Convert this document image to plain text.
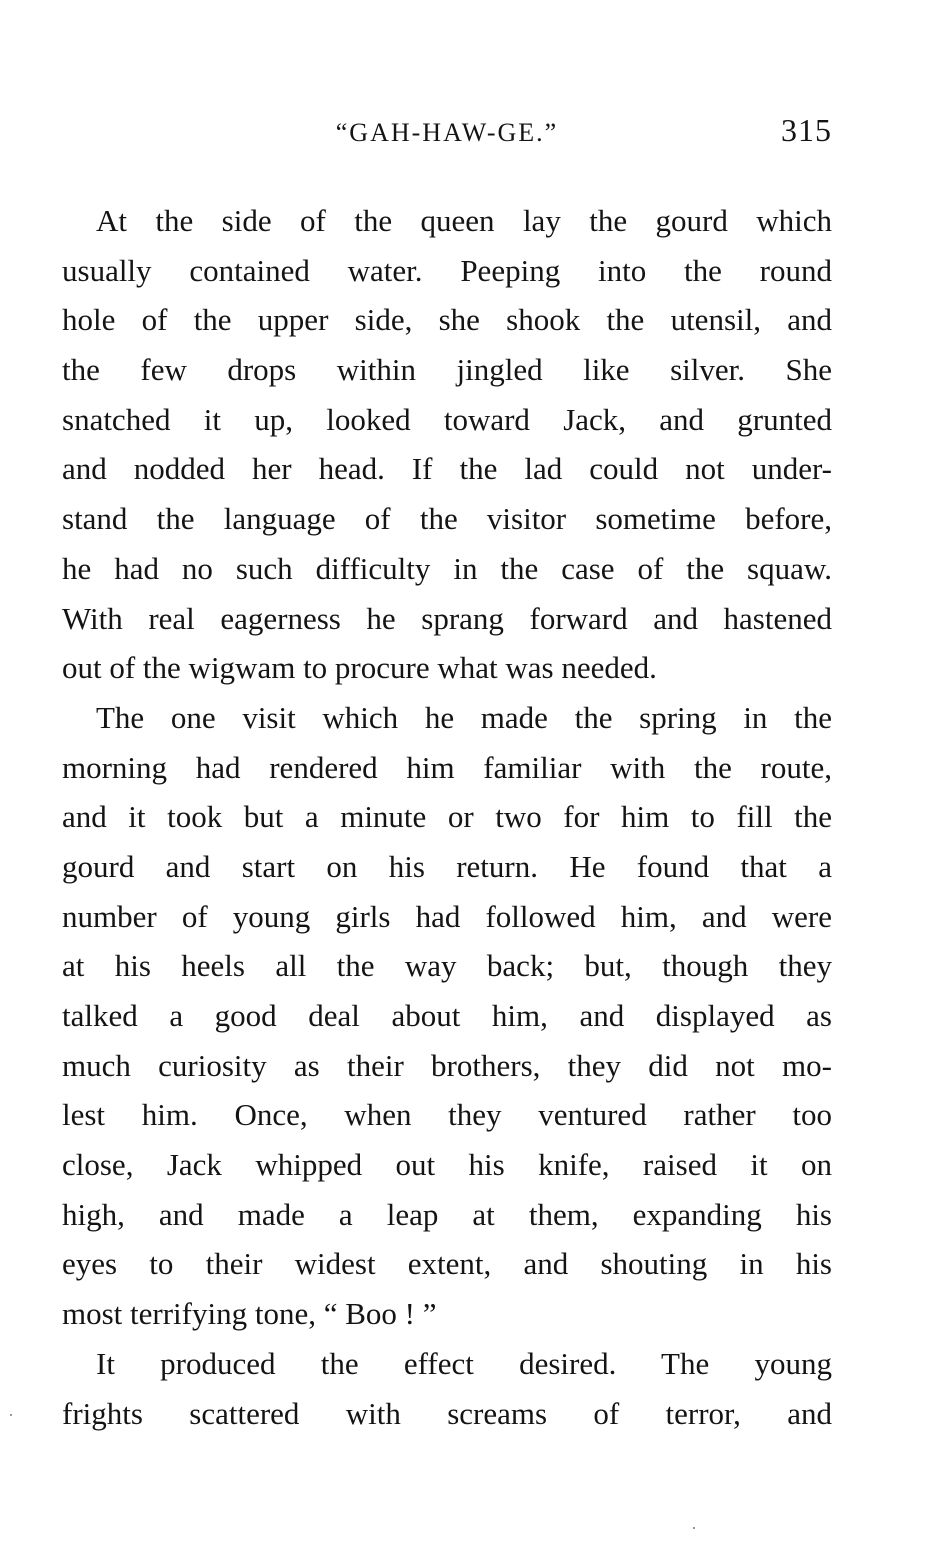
“GAH-HAW-GE.”	315
At the side of the queen lay the gourd which
usually contained water. Peeping into the round
hole of the upper side, she shook the utensil, and
the few drops within jingled like silver. She
snatched it up, looked toward Jack, and grunted
and nodded her head. If the lad could not under-
stand the language of the visitor sometime before,
he had no such difficulty in the case of the squaw.
With real eagerness he sprang forward and hastened
out of the wigwam to procure what was needed.
The one visit which he made the spring in the
morning had rendered him familiar with the route,
and it took but a minute or two for him to fill the
gourd and start on his return. He found that a
number of young girls had followed him, and were
at his heels all the way back; but, though they
talked a good deal about him, and displayed as
much curiosity as their brothers, they did not mo-
lest him. Once, when they ventured rather too
close, Jack whipped out his knife, raised it on
high, and made a leap at them, expanding his
eyes to their widest extent, and shouting in his
most terrifying tone, “ Boo ! ”
It produced the effect desired. The young
frights scattered with screams of terror, and
